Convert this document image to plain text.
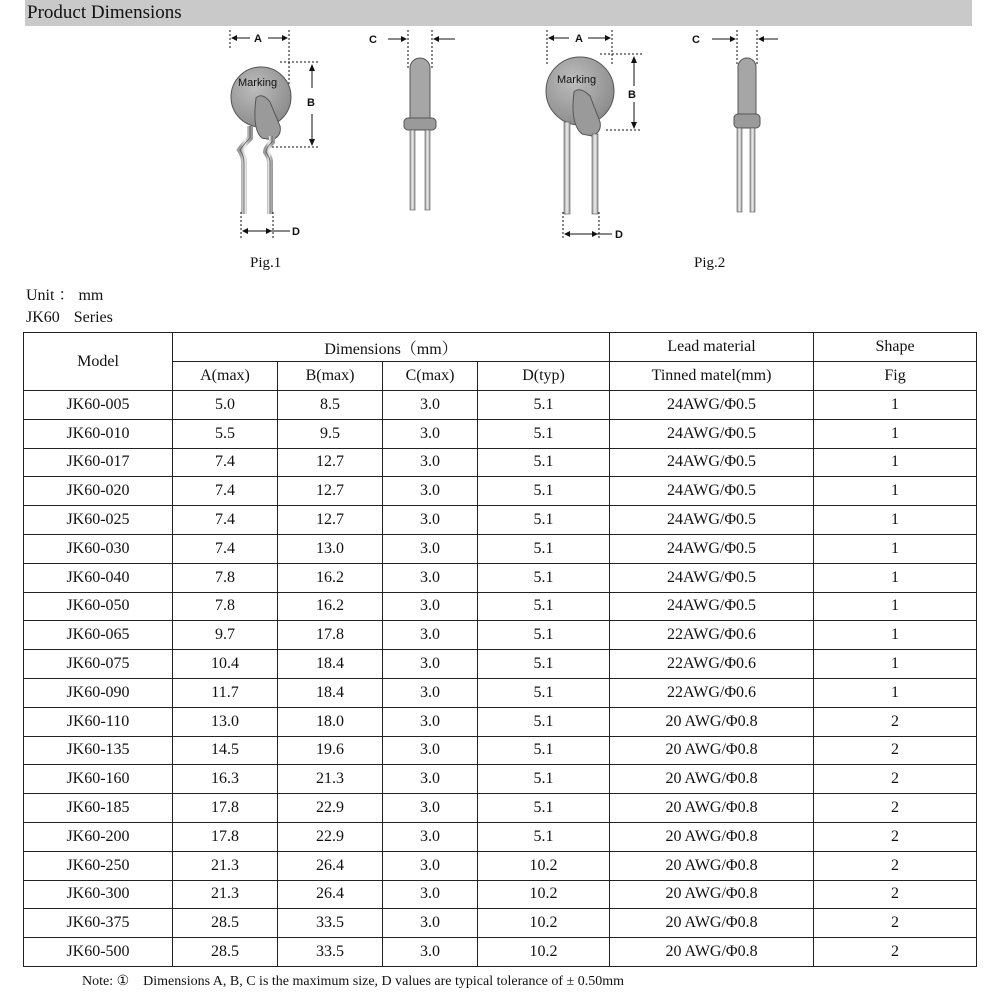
Product Dimensions
A
B
Marking
D
C	A
B
Marking
D
C
Pig.1	Pig.2
Unit ： mm
JK60 Series
Model	Dimensions（mm）				Lead material	Shape
	A(max)	B(max)	C(max)	D(typ)	Tinned matel(mm)	Fig
JK60-005	5.0	8.5	3.0	5.1	24AWG/Φ0.5	1
JK60-010	5.5	9.5	3.0	5.1	24AWG/Φ0.5	1
JK60-017	7.4	12.7	3.0	5.1	24AWG/Φ0.5	1
JK60-020	7.4	12.7	3.0	5.1	24AWG/Φ0.5	1
JK60-025	7.4	12.7	3.0	5.1	24AWG/Φ0.5	1
JK60-030	7.4	13.0	3.0	5.1	24AWG/Φ0.5	1
JK60-040	7.8	16.2	3.0	5.1	24AWG/Φ0.5	1
JK60-050	7.8	16.2	3.0	5.1	24AWG/Φ0.5	1
JK60-065	9.7	17.8	3.0	5.1	22AWG/Φ0.6	1
JK60-075	10.4	18.4	3.0	5.1	22AWG/Φ0.6	1
JK60-090	11.7	18.4	3.0	5.1	22AWG/Φ0.6	1
JK60-110	13.0	18.0	3.0	5.1	20 AWG/Φ0.8	2
JK60-135	14.5	19.6	3.0	5.1	20 AWG/Φ0.8	2
JK60-160	16.3	21.3	3.0	5.1	20 AWG/Φ0.8	2
JK60-185	17.8	22.9	3.0	5.1	20 AWG/Φ0.8	2
JK60-200	17.8	22.9	3.0	5.1	20 AWG/Φ0.8	2
JK60-250	21.3	26.4	3.0	10.2	20 AWG/Φ0.8	2
JK60-300	21.3	26.4	3.0	10.2	20 AWG/Φ0.8	2
JK60-375	28.5	33.5	3.0	10.2	20 AWG/Φ0.8	2
JK60-500	28.5	33.5	3.0	10.2	20 AWG/Φ0.8	2
Note: ①　Dimensions A, B, C is the maximum size, D values are typical tolerance of ± 0.50mm
